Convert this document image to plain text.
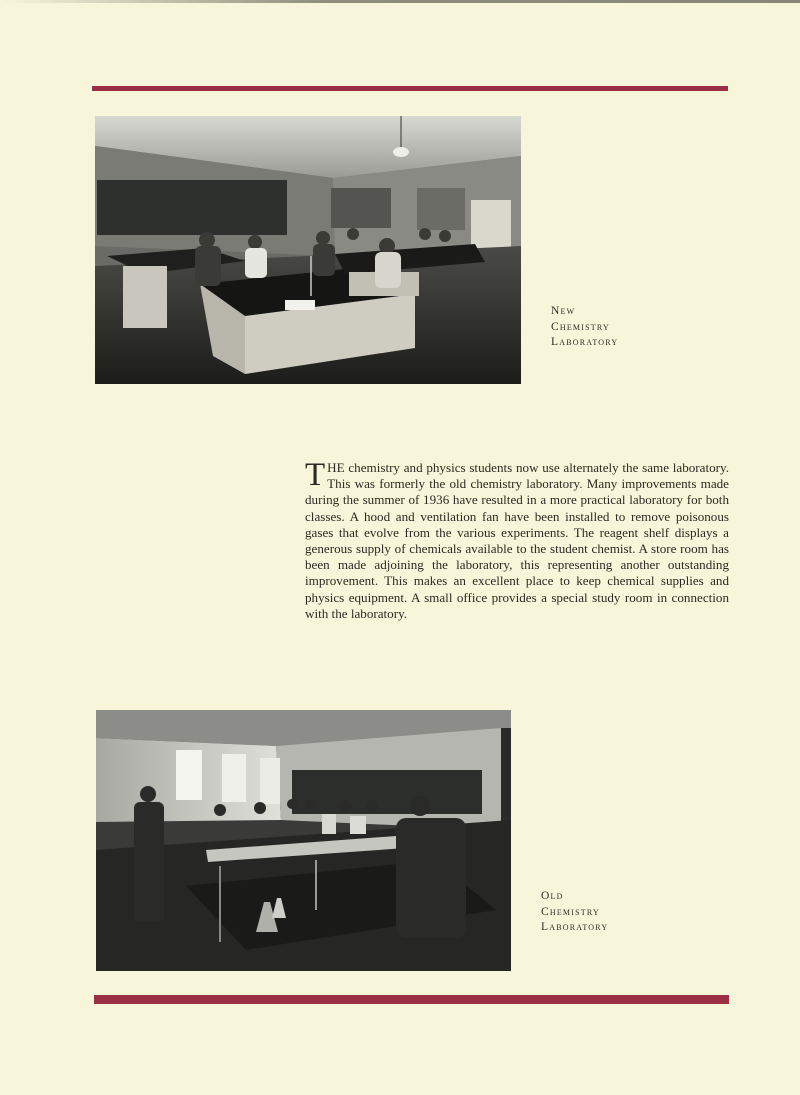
New
Chemistry
Laboratory
THE chemistry and physics students now use alternately the same laboratory. This was formerly the old chemistry laboratory. Many improvements made during the summer of 1936 have resulted in a more practical laboratory for both classes. A hood and ventilation fan have been installed to remove poisonous gases that evolve from the various experiments. The reagent shelf displays a generous supply of chemicals available to the student chemist. A store room has been made adjoining the laboratory, this representing another outstanding improvement. This makes an excellent place to keep chemical supplies and physics equipment. A small office provides a special study room in connection with the laboratory.
Old
Chemistry
Laboratory
